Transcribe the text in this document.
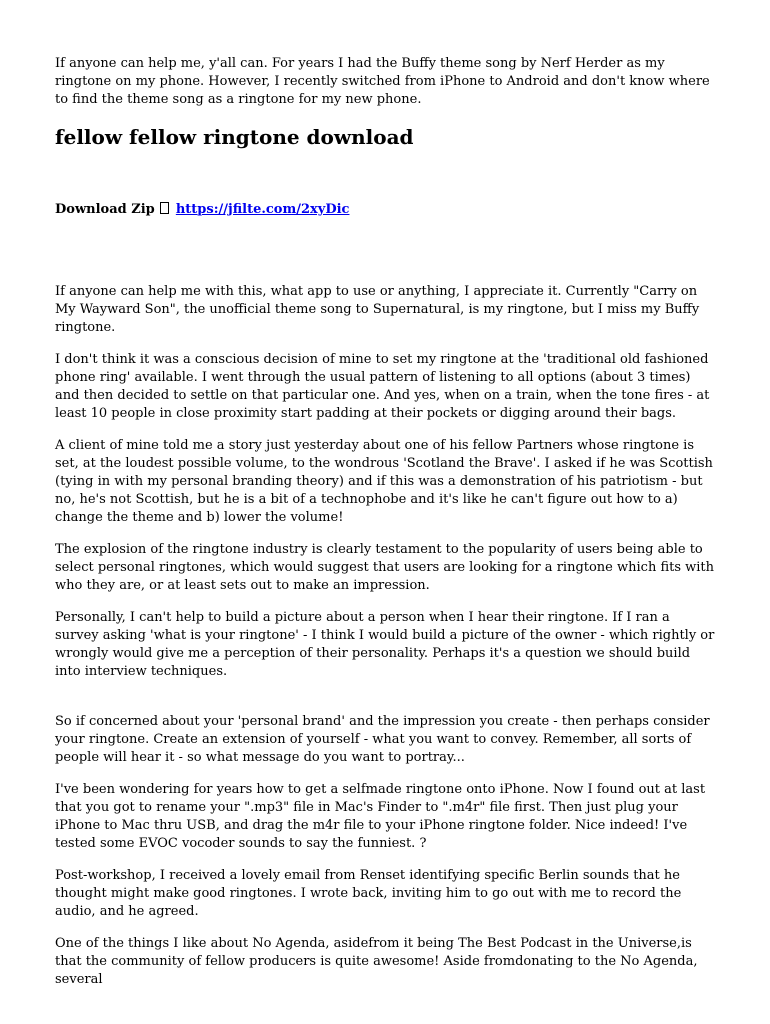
If anyone can help me, y'all can. For years I had the Buffy theme song by Nerf Herder as my ringtone on my phone. However, I recently switched from iPhone to Android and don't know where to find the theme song as a ringtone for my new phone.

fellow fellow ringtone download
Download Zip https://jfilte.com/2xyDic

If anyone can help me with this, what app to use or anything, I appreciate it. Currently "Carry on My Wayward Son", the unofficial theme song to Supernatural, is my ringtone, but I miss my Buffy ringtone.

I don't think it was a conscious decision of mine to set my ringtone at the 'traditional old fashioned phone ring' available. I went through the usual pattern of listening to all options (about 3 times) and then decided to settle on that particular one. And yes, when on a train, when the tone fires - at least 10 people in close proximity start padding at their pockets or digging around their bags.

A client of mine told me a story just yesterday about one of his fellow Partners whose ringtone is set, at the loudest possible volume, to the wondrous 'Scotland the Brave'. I asked if he was Scottish (tying in with my personal branding theory) and if this was a demonstration of his patriotism - but no, he's not Scottish, but he is a bit of a technophobe and it's like he can't figure out how to a) change the theme and b) lower the volume!

The explosion of the ringtone industry is clearly testament to the popularity of users being able to select personal ringtones, which would suggest that users are looking for a ringtone which fits with who they are, or at least sets out to make an impression.

Personally, I can't help to build a picture about a person when I hear their ringtone. If I ran a survey asking 'what is your ringtone' - I think I would build a picture of the owner - which rightly or wrongly would give me a perception of their personality. Perhaps it's a question we should build into interview techniques.

So if concerned about your 'personal brand' and the impression you create - then perhaps consider your ringtone. Create an extension of yourself - what you want to convey. Remember, all sorts of people will hear it - so what message do you want to portray...

I've been wondering for years how to get a selfmade ringtone onto iPhone. Now I found out at last that you got to rename your ".mp3" file in Mac's Finder to ".m4r" file first. Then just plug your iPhone to Mac thru USB, and drag the m4r file to your iPhone ringtone folder. Nice indeed! I've tested some EVOC vocoder sounds to say the funniest. ?

Post-workshop, I received a lovely email from Renset identifying specific Berlin sounds that he thought might make good ringtones. I wrote back, inviting him to go out with me to record the audio, and he agreed.

One of the things I like about No Agenda, asidefrom it being The Best Podcast in the Universe,is that the community of fellow producers is quite awesome! Aside fromdonating to the No Agenda, several
